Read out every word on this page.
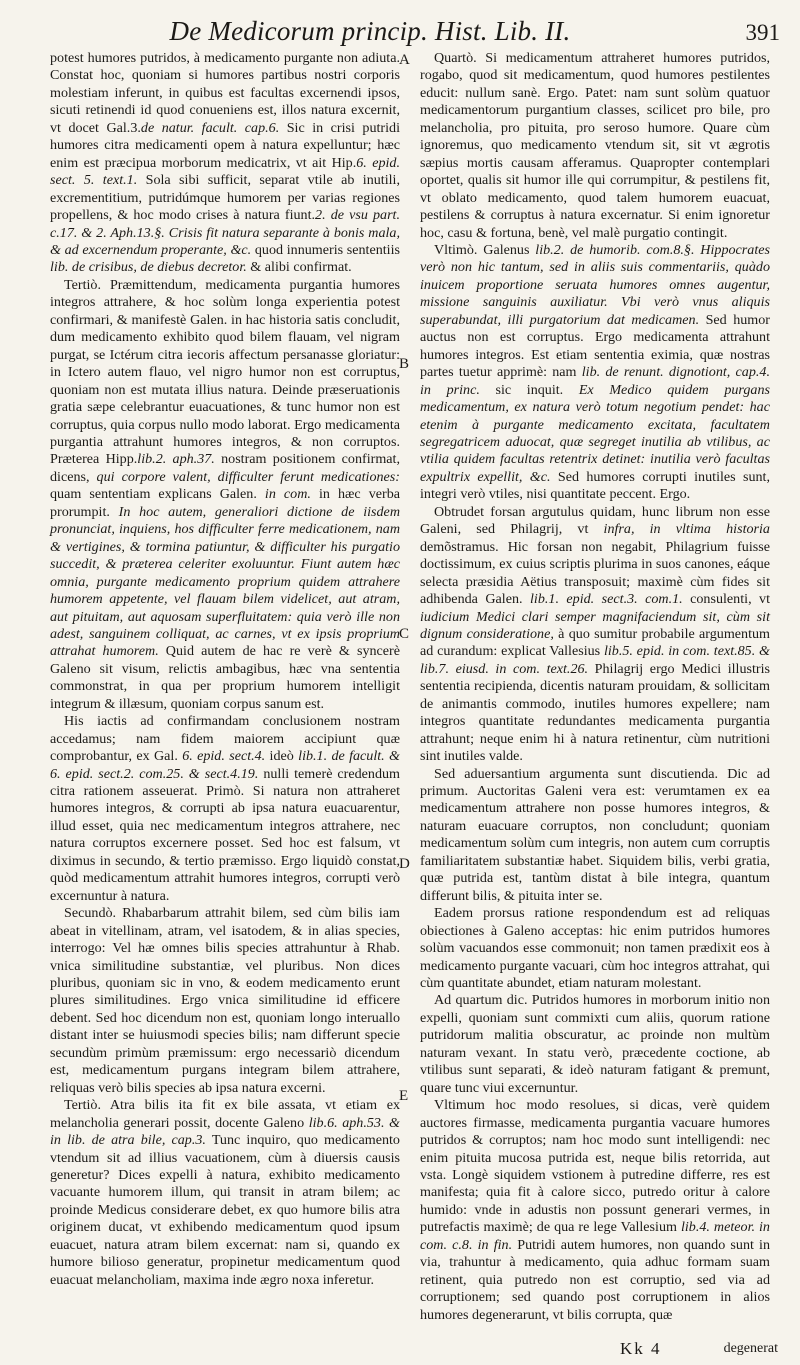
De Medicorum princip. Hist. Lib. II.	391

potest humores putridos, à medicamento purgante non adiuta. Constat hoc, quoniam si humores partibus nostri corporis molestiam inferunt, in quibus est facultas excernendi ipsos, sicuti retinendi id quod conueniens est, illos natura excernit, vt docet Gal.3.de natur. facult. cap.6. Sic in crisi putridi humores citra medicamenti opem à natura expelluntur; hæc enim est præcipua morborum medicatrix, vt ait Hip.6. epid. sect. 5. text.1. Sola sibi sufficit, separat vtile ab inutili, excrementitium, putridúmque humorem per varias regiones propellens, & hoc modo crises à natura fiunt.2. de vsu part. c.17. & 2. Aph.13.§. Crisis fit natura separante à bonis mala, & ad excernendum properante, &c. quod innumeris sententiis lib. de crisibus, de diebus decretor. & alibi confirmat.

Tertiò. Præmittendum, medicamenta purgantia humores integros attrahere, & hoc solùm longa experientia potest confirmari, & manifestè Galen. in hac historia satis concludit, dum medicamento exhibito quod bilem flauam, vel nigram purgat, se Ictérum citra iecoris affectum persanasse gloriatur: in Ictero autem flauo, vel nigro humor non est corruptus, quoniam non est mutata illius natura. Deinde præseruationis gratia sæpe celebrantur euacuationes, & tunc humor non est corruptus, quia corpus nullo modo laborat. Ergo medicamenta purgantia attrahunt humores integros, & non corruptos. Præterea Hipp.lib.2. aph.37. nostram positionem confirmat, dicens, qui corpore valent, difficulter ferunt medicationes: quam sententiam explicans Galen. in com. in hæc verba prorumpit. In hoc autem, generaliori dictione de iisdem pronunciat, inquiens, hos difficulter ferre medicationem, nam & vertigines, & tormina patiuntur, & difficulter his purgatio succedit, & præterea celeriter exoluuntur. Fiunt autem hæc omnia, purgante medicamento proprium quidem attrahere humorem appetente, vel flauam bilem videlicet, aut atram, aut pituitam, aut aquosam superfluitatem: quia verò ille non adest, sanguinem colliquat, ac carnes, vt ex ipsis proprium attrahat humorem. Quid autem de hac re verè & syncerè Galeno sit visum, relictis ambagibus, hæc vna sententia commonstrat, in qua per proprium humorem intelligit integrum & illæsum, quoniam corpus sanum est.

His iactis ad confirmandam conclusionem nostram accedamus; nam fidem maiorem accipiunt quæ comprobantur, ex Gal. 6. epid. sect.4. ideò lib.1. de facult. & 6. epid. sect.2. com.25. & sect.4.19. nulli temerè credendum citra rationem asseuerat. Primò. Si natura non attraheret humores integros, & corrupti ab ipsa natura euacuarentur, illud esset, quia nec medicamentum integros attrahere, nec natura corruptos excernere posset. Sed hoc est falsum, vt diximus in secundo, & tertio præmisso. Ergo liquidò constat, quòd medicamentum attrahit humores integros, corrupti verò excernuntur à natura.

Secundò. Rhabarbarum attrahit bilem, sed cùm bilis iam abeat in vitellinam, atram, vel isatodem, & in alias species, interrogo: Vel hæ omnes bilis species attrahuntur à Rhab. vnica similitudine substantiæ, vel pluribus. Non dices pluribus, quoniam sic in vno, & eodem medicamento erunt plures similitudines. Ergo vnica similitudine id efficere debent. Sed hoc dicendum non est, quoniam longo interuallo distant inter se huiusmodi species bilis; nam differunt specie secundùm primùm præmissum: ergo necessariò dicendum est, medicamentum purgans integram bilem attrahere, reliquas verò bilis species ab ipsa natura excerni.

Tertiò. Atra bilis ita fit ex bile assata, vt etiam ex melancholia generari possit, docente Galeno lib.6. aph.53. & in lib. de atra bile, cap.3. Tunc inquiro, quo medicamento vtendum sit ad illius vacuationem, cùm à diuersis causis generetur? Dices expelli à natura, exhibito medicamento vacuante humorem illum, qui transit in atram bilem; ac proinde Medicus considerare debet, ex quo humore bilis atra originem ducat, vt exhibendo medicamentum quod ipsum euacuet, natura atram bilem excernat: nam si, quando ex humore bilioso generatur, propinetur medicamentum quod euacuat melancholiam, maxima inde ægro noxa inferetur.

A
B
C
D
E

Quartò. Si medicamentum attraheret humores putridos, rogabo, quod sit medicamentum, quod humores pestilentes educit: nullum sanè. Ergo. Patet: nam sunt solùm quatuor medicamentorum purgantium classes, scilicet pro bile, pro melancholia, pro pituita, pro seroso humore. Quare cùm ignoremus, quo medicamento vtendum sit, sit vt ægrotis sæpius mortis causam afferamus. Quapropter contemplari oportet, qualis sit humor ille qui corrumpitur, & pestilens fit, vt oblato medicamento, quod talem humorem euacuat, pestilens & corruptus à natura excernatur. Si enim ignoretur hoc, casu & fortuna, benè, vel malè purgatio contingit.

Vltimò. Galenus lib.2. de humorib. com.8.§. Hippocrates verò non hic tantum, sed in aliis suis commentariis, quàdo inuicem proportione seruata humores omnes augentur, missione sanguinis auxiliatur. Vbi verò vnus aliquis superabundat, illi purgatorium dat medicamen. Sed humor auctus non est corruptus. Ergo medicamenta attrahunt humores integros. Est etiam sententia eximia, quæ nostras partes tuetur apprimè: nam lib. de renunt. dignotiont, cap.4. in princ. sic inquit. Ex Medico quidem purgans medicamentum, ex natura verò totum negotium pendet: hac etenim à purgante medicamento excitata, facultatem segregatricem aduocat, quæ segreget inutilia ab vtilibus, ac vtilia quidem facultas retentrix detinet: inutilia verò facultas expultrix expellit, &c. Sed humores corrupti inutiles sunt, integri verò vtiles, nisi quantitate peccent. Ergo.

Obtrudet forsan argutulus quidam, hunc librum non esse Galeni, sed Philagrij, vt infra, in vltima historia demõstramus. Hic forsan non negabit, Philagrium fuisse doctissimum, ex cuius scriptis plurima in suos canones, eáque selecta præsidia Aëtius transposuit; maximè cùm fides sit adhibenda Galen. lib.1. epid. sect.3. com.1. consulenti, vt iudicium Medici clari semper magnifaciendum sit, cùm sit dignum consideratione, à quo sumitur probabile argumentum ad curandum: explicat Vallesius lib.5. epid. in com. text.85. & lib.7. eiusd. in com. text.26. Philagrij ergo Medici illustris sententia recipienda, dicentis naturam prouidam, & sollicitam de animantis commodo, inutiles humores expellere; nam integros quantitate redundantes medicamenta purgantia attrahunt; neque enim hi à natura retinentur, cùm nutritioni sint inutiles valde.

Sed aduersantium argumenta sunt discutienda. Dic ad primum. Auctoritas Galeni vera est: verumtamen ex ea medicamentum attrahere non posse humores integros, & naturam euacuare corruptos, non concludunt; quoniam medicamentum solùm cum integris, non autem cum corruptis familiaritatem substantiæ habet. Siquidem bilis, verbi gratia, quæ putrida est, tantùm distat à bile integra, quantum differunt bilis, & pituita inter se.

Eadem prorsus ratione respondendum est ad reliquas obiectiones à Galeno acceptas: hic enim putridos humores solùm vacuandos esse commonuit; non tamen prædixit eos à medicamento purgante vacuari, cùm hoc integros attrahat, qui cùm quantitate abundet, etiam naturam molestant.

Ad quartum dic. Putridos humores in morborum initio non expelli, quoniam sunt commixti cum aliis, quorum ratione putridorum malitia obscuratur, ac proinde non multùm naturam vexant. In statu verò, præcedente coctione, ab vtilibus sunt separati, & ideò naturam fatigant & premunt, quare tunc viui excernuntur.

Vltimum hoc modo resolues, si dicas, verè quidem auctores firmasse, medicamenta purgantia vacuare humores putridos & corruptos; nam hoc modo sunt intelligendi: nec enim pituita mucosa putrida est, neque bilis retorrida, aut vsta. Longè siquidem vstionem à putredine differre, res est manifesta; quia fit à calore sicco, putredo oritur à calore humido: vnde in adustis non possunt generari vermes, in putrefactis maximè; de qua re lege Vallesium lib.4. meteor. in com. c.8. in fin. Putridi autem humores, non quando sunt in via, trahuntur à medicamento, quia adhuc formam suam retinent, quia putredo non est corruptio, sed via ad corruptionem; sed quando post corruptionem in alios humores degenerarunt, vt bilis corrupta, quæ

Kk 4	degenerat
